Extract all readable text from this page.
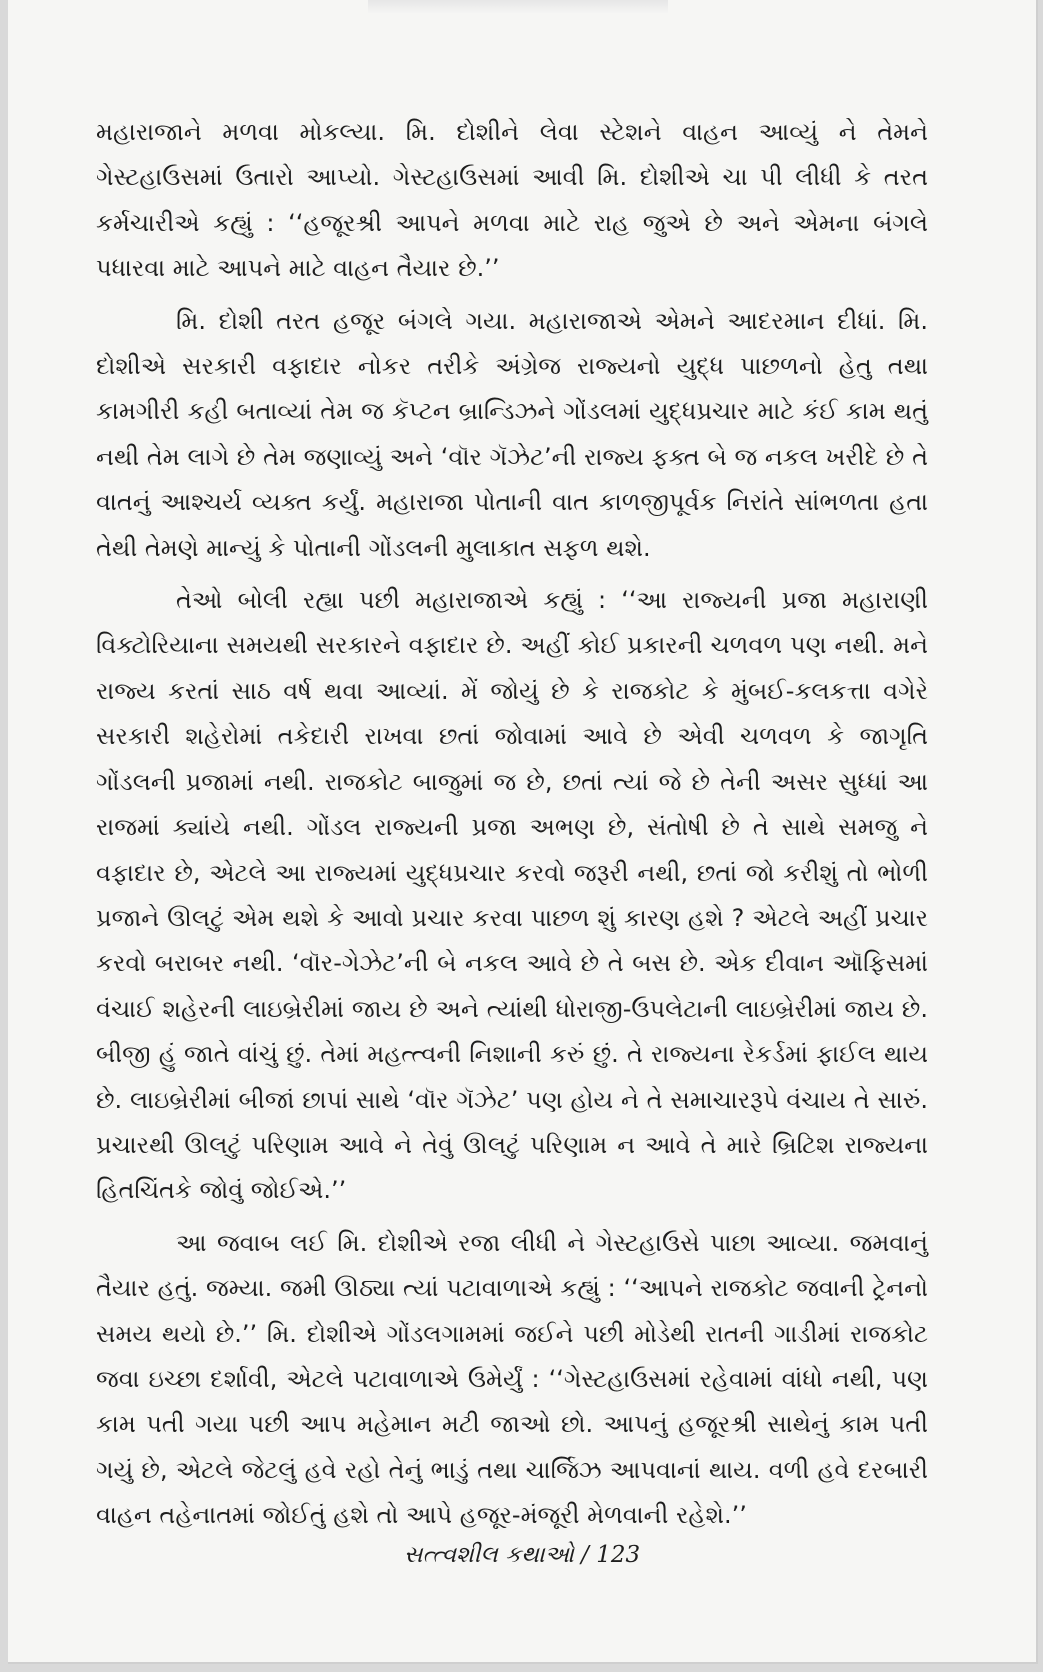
મહારાજાને મળવા મોકલ્યા. મિ. દોશીને લેવા સ્ટેશને વાહન આવ્યું ને તેમને ગેસ્ટહાઉસમાં ઉતારો આપ્યો. ગેસ્ટહાઉસમાં આવી મિ. દોશીએ ચા પી લીધી કે તરત કર્મચારીએ કહ્યું : ‘‘હજૂરશ્રી આપને મળવા માટે રાહ જુએ છે અને એમના બંગલે પધારવા માટે આપને માટે વાહન તૈયાર છે.’’

મિ. દોશી તરત હજૂર બંગલે ગયા. મહારાજાએ એમને આદરમાન દીધાં. મિ. દોશીએ સરકારી વફાદાર નોકર તરીકે અંગ્રેજ રાજ્યનો યુદ્ધ પાછળનો હેતુ તથા કામગીરી કહી બતાવ્યાં તેમ જ કૅપ્ટન બ્રાન્ડિઝને ગોંડલમાં યુદ્ધપ્રચાર માટે કંઈ કામ થતું નથી તેમ લાગે છે તેમ જણાવ્યું અને ‘વૉર ગૅઝેટ’ની રાજ્ય ફક્ત બે જ નકલ ખરીદે છે તે વાતનું આશ્ચર્ય વ્યક્ત કર્યું. મહારાજા પોતાની વાત કાળજીપૂર્વક નિરાંતે સાંભળતા હતા તેથી તેમણે માન્યું કે પોતાની ગોંડલની મુલાકાત સફળ થશે.

તેઓ બોલી રહ્યા પછી મહારાજાએ કહ્યું : ‘‘આ રાજ્યની પ્રજા મહારાણી વિક્ટોરિયાના સમયથી સરકારને વફાદાર છે. અહીં કોઈ પ્રકારની ચળવળ પણ નથી. મને રાજ્ય કરતાં સાઠ વર્ષ થવા આવ્યાં. મેં જોયું છે કે રાજકોટ કે મુંબઈ-કલકત્તા વગેરે સરકારી શહેરોમાં તકેદારી રાખવા છતાં જોવામાં આવે છે એવી ચળવળ કે જાગૃતિ ગોંડલની પ્રજામાં નથી. રાજકોટ બાજુમાં જ છે, છતાં ત્યાં જે છે તેની અસર સુધ્ધાં આ રાજમાં ક્યાંયે નથી. ગોંડલ રાજ્યની પ્રજા અભણ છે, સંતોષી છે તે સાથે સમજુ ને વફાદાર છે, એટલે આ રાજ્યમાં યુદ્ધપ્રચાર કરવો જરૂરી નથી, છતાં જો કરીશું તો ભોળી પ્રજાને ઊલટું એમ થશે કે આવો પ્રચાર કરવા પાછળ શું કારણ હશે ? એટલે અહીં પ્રચાર કરવો બરાબર નથી. ‘વૉર-ગેઝેટ’ની બે નકલ આવે છે તે બસ છે. એક દીવાન ઑફિસમાં વંચાઈ શહેરની લાઇબ્રેરીમાં જાય છે અને ત્યાંથી ધોરાજી-ઉપલેટાની લાઇબ્રેરીમાં જાય છે. બીજી હું જાતે વાંચું છું. તેમાં મહત્ત્વની નિશાની કરું છું. તે રાજ્યના રેકર્ડમાં ફાઈલ થાય છે. લાઇબ્રેરીમાં બીજાં છાપાં સાથે ‘વૉર ગૅઝેટ’ પણ હોય ને તે સમાચારરૂપે વંચાય તે સારું. પ્રચારથી ઊલટું પરિણામ આવે ને તેવું ઊલટું પરિણામ ન આવે તે મારે બ્રિટિશ રાજ્યના હિતચિંતકે જોવું જોઈએ.’’

આ જવાબ લઈ મિ. દોશીએ રજા લીધી ને ગેસ્ટહાઉસે પાછા આવ્યા. જમવાનું તૈયાર હતું. જમ્યા. જમી ઊઠ્યા ત્યાં પટાવાળાએ કહ્યું : ‘‘આપને રાજકોટ જવાની ટ્રેનનો સમય થયો છે.’’ મિ. દોશીએ ગોંડલગામમાં જઈને પછી મોડેથી રાતની ગાડીમાં રાજકોટ જવા ઇચ્છા દર્શાવી, એટલે પટાવાળાએ ઉમેર્યું : ‘‘ગેસ્ટહાઉસમાં રહેવામાં વાંધો નથી, પણ કામ પતી ગયા પછી આપ મહેમાન મટી જાઓ છો. આપનું હજૂરશ્રી સાથેનું કામ પતી ગયું છે, એટલે જેટલું હવે રહો તેનું ભાડું તથા ચાર્જિઝ આપવાનાં થાય. વળી હવે દરબારી વાહન તહેનાતમાં જોઈતું હશે તો આપે હજૂર-મંજૂરી મેળવાની રહેશે.’’

સત્ત્વશીલ કથાઓ / 123
